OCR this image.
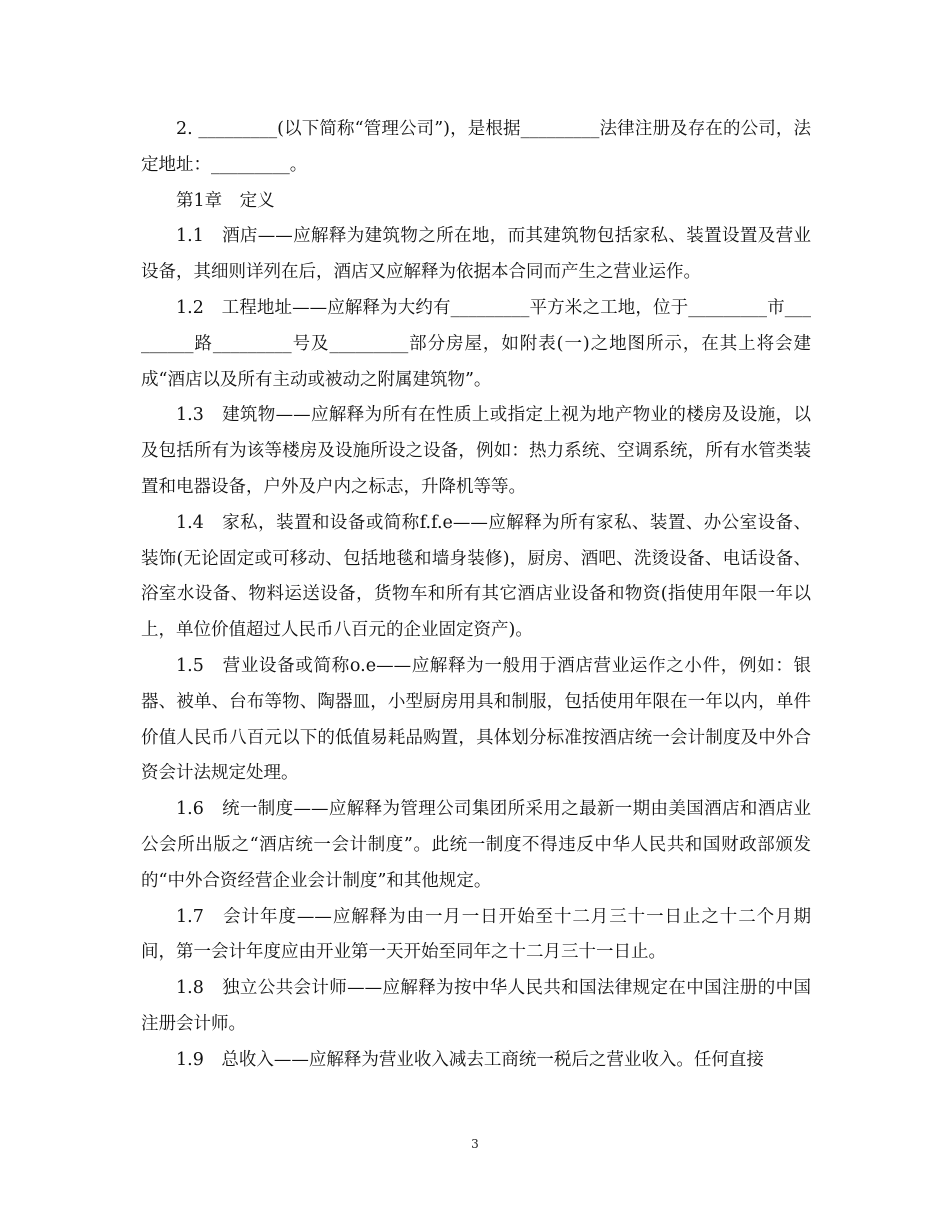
2. _________(以下简称“管理公司”)，是根据_________法律注册及存在的公司，法定地址：_________。

第1章　定义

1.1　酒店——应解释为建筑物之所在地，而其建筑物包括家私、装置设置及营业设备，其细则详列在后，酒店又应解释为依据本合同而产生之营业运作。

1.2　工程地址——应解释为大约有_________平方米之工地，位于_________市_________路_________号及_________部分房屋，如附表(一)之地图所示，在其上将会建成“酒店以及所有主动或被动之附属建筑物”。

1.3　建筑物——应解释为所有在性质上或指定上视为地产物业的楼房及设施，以及包括所有为该等楼房及设施所设之设备，例如：热力系统、空调系统，所有水管类装置和电器设备，户外及户内之标志，升降机等等。

1.4　家私，装置和设备或简称f.f.e——应解释为所有家私、装置、办公室设备、装饰(无论固定或可移动、包括地毯和墙身装修)，厨房、酒吧、洗烫设备、电话设备、浴室水设备、物料运送设备，货物车和所有其它酒店业设备和物资(指使用年限一年以上，单位价值超过人民币八百元的企业固定资产)。

1.5　营业设备或简称o.e——应解释为一般用于酒店营业运作之小件，例如：银器、被单、台布等物、陶器皿，小型厨房用具和制服，包括使用年限在一年以内，单件价值人民币八百元以下的低值易耗品购置，具体划分标准按酒店统一会计制度及中外合资会计法规定处理。

1.6　统一制度——应解释为管理公司集团所采用之最新一期由美国酒店和酒店业公会所出版之“酒店统一会计制度”。此统一制度不得违反中华人民共和国财政部颁发的“中外合资经营企业会计制度”和其他规定。

1.7　会计年度——应解释为由一月一日开始至十二月三十一日止之十二个月期间，第一会计年度应由开业第一天开始至同年之十二月三十一日止。

1.8　独立公共会计师——应解释为按中华人民共和国法律规定在中国注册的中国注册会计师。

1.9　总收入——应解释为营业收入减去工商统一税后之营业收入。任何直接

3
